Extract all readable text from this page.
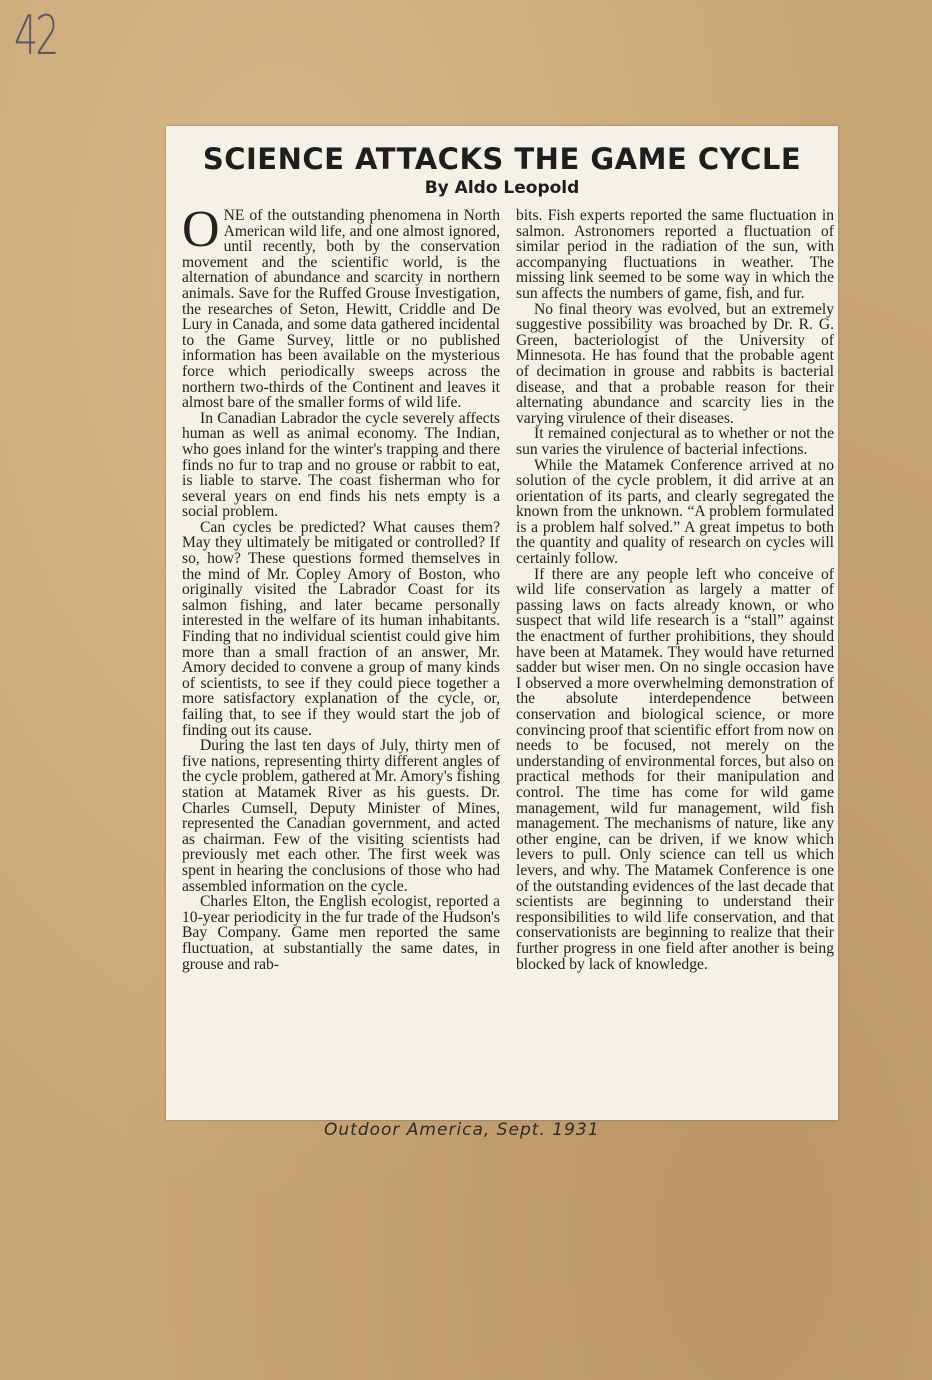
42
SCIENCE ATTACKS THE GAME CYCLE
By Aldo Leopold

ONE of the outstanding phenomena in North American wild life, and one almost ignored, until recently, both by the conservation movement and the scientific world, is the alternation of abundance and scarcity in northern animals. Save for the Ruffed Grouse Investigation, the researches of Seton, Hewitt, Criddle and De Lury in Canada, and some data gathered incidental to the Game Survey, little or no published information has been available on the mysterious force which periodically sweeps across the northern two-thirds of the Continent and leaves it almost bare of the smaller forms of wild life.

In Canadian Labrador the cycle severely affects human as well as animal economy. The Indian, who goes inland for the winter's trapping and there finds no fur to trap and no grouse or rabbit to eat, is liable to starve. The coast fisherman who for several years on end finds his nets empty is a social problem.

Can cycles be predicted? What causes them? May they ultimately be mitigated or controlled? If so, how? These questions formed themselves in the mind of Mr. Copley Amory of Boston, who originally visited the Labrador Coast for its salmon fishing, and later became personally interested in the welfare of its human inhabitants. Finding that no individual scientist could give him more than a small fraction of an answer, Mr. Amory decided to convene a group of many kinds of scientists, to see if they could piece together a more satisfactory explanation of the cycle, or, failing that, to see if they would start the job of finding out its cause.

During the last ten days of July, thirty men of five nations, representing thirty different angles of the cycle problem, gathered at Mr. Amory's fishing station at Matamek River as his guests. Dr. Charles Cumsell, Deputy Minister of Mines, represented the Canadian government, and acted as chairman. Few of the visiting scientists had previously met each other. The first week was spent in hearing the conclusions of those who had assembled information on the cycle.

Charles Elton, the English ecologist, reported a 10-year periodicity in the fur trade of the Hudson's Bay Company. Game men reported the same fluctuation, at substantially the same dates, in grouse and rab-

bits. Fish experts reported the same fluctuation in salmon. Astronomers reported a fluctuation of similar period in the radiation of the sun, with accompanying fluctuations in weather. The missing link seemed to be some way in which the sun affects the numbers of game, fish, and fur.

No final theory was evolved, but an extremely suggestive possibility was broached by Dr. R. G. Green, bacteriologist of the University of Minnesota. He has found that the probable agent of decimation in grouse and rabbits is bacterial disease, and that a probable reason for their alternating abundance and scarcity lies in the varying virulence of their diseases.

It remained conjectural as to whether or not the sun varies the virulence of bacterial infections.

While the Matamek Conference arrived at no solution of the cycle problem, it did arrive at an orientation of its parts, and clearly segregated the known from the unknown. “A problem formulated is a problem half solved.” A great impetus to both the quantity and quality of research on cycles will certainly follow.

If there are any people left who conceive of wild life conservation as largely a matter of passing laws on facts already known, or who suspect that wild life research is a “stall” against the enactment of further prohibitions, they should have been at Matamek. They would have returned sadder but wiser men. On no single occasion have I observed a more overwhelming demonstration of the absolute interdependence between conservation and biological science, or more convincing proof that scientific effort from now on needs to be focused, not merely on the understanding of environmental forces, but also on practical methods for their manipulation and control. The time has come for wild game management, wild fur management, wild fish management. The mechanisms of nature, like any other engine, can be driven, if we know which levers to pull. Only science can tell us which levers, and why. The Matamek Conference is one of the outstanding evidences of the last decade that scientists are beginning to understand their responsibilities to wild life conservation, and that conservationists are beginning to realize that their further progress in one field after another is being blocked by lack of knowledge.

Outdoor America, Sept. 1931
